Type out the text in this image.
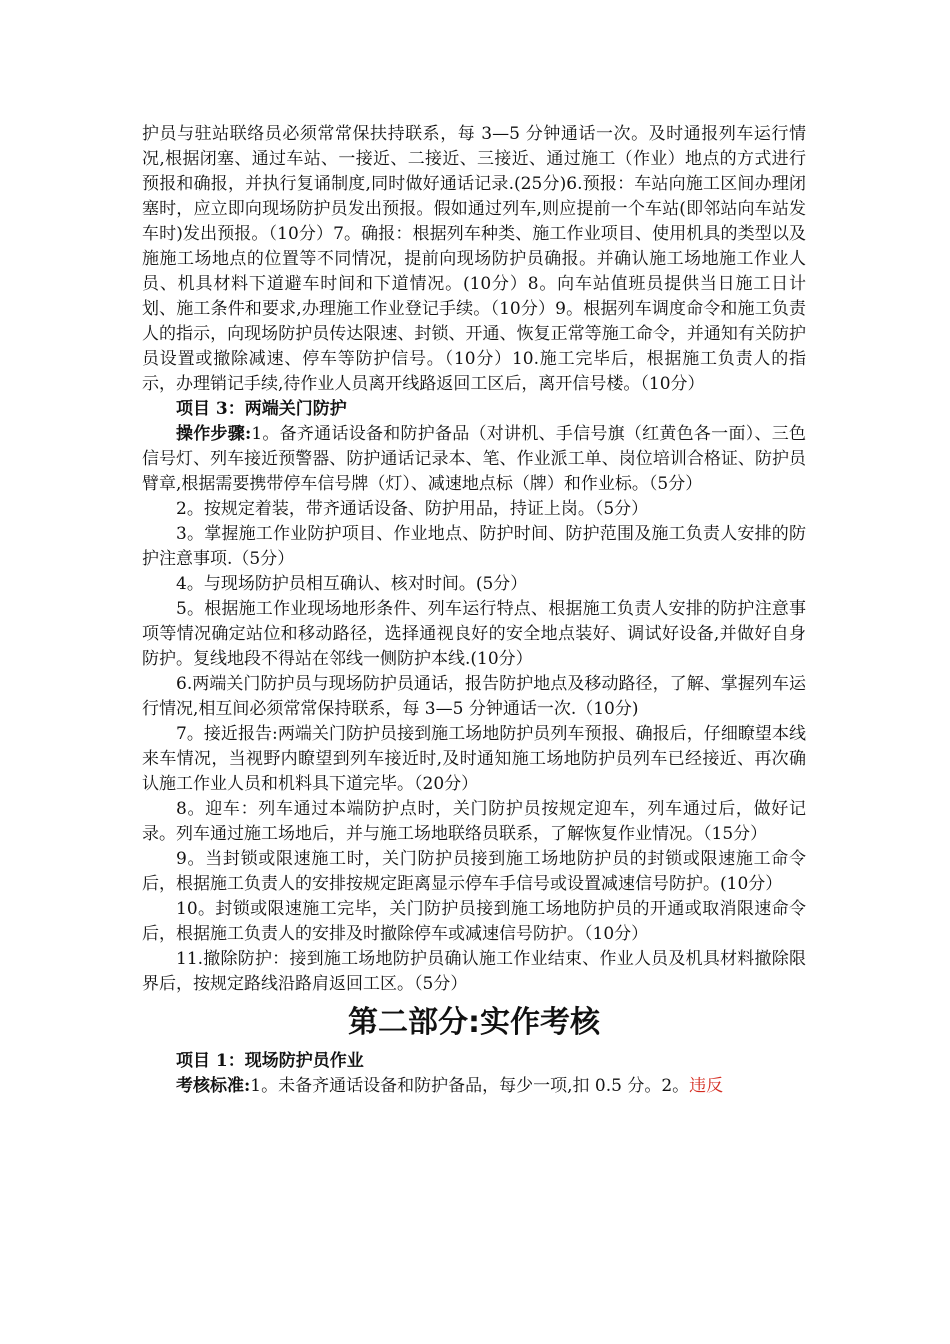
护员与驻站联络员必须常常保扶持联系，每 3—5 分钟通话一次。及时通报列车运行情况,根据闭塞、通过车站、一接近、二接近、三接近、通过施工（作业）地点的方式进行预报和确报，并执行复诵制度,同时做好通话记录.(25分)6.预报：车站向施工区间办理闭塞时，应立即向现场防护员发出预报。假如通过列车,则应提前一个车站(即邻站向车站发车时)发出预报。（10分）7。确报：根据列车种类、施工作业项目、使用机具的类型以及施施工场地点的位置等不同情况，提前向现场防护员确报。并确认施工场地施工作业人员、机具材料下道避车时间和下道情况。(10分）8。向车站值班员提供当日施工日计划、施工条件和要求,办理施工作业登记手续。（10分）9。根据列车调度命令和施工负责人的指示，向现场防护员传达限速、封锁、开通、恢复正常等施工命令，并通知有关防护员设置或撤除减速、停车等防护信号。（10分）10.施工完毕后，根据施工负责人的指示，办理销记手续,待作业人员离开线路返回工区后，离开信号楼。（10分）

项目 3：两端关门防护

操作步骤:1。备齐通话设备和防护备品（对讲机、手信号旗（红黄色各一面）、三色信号灯、列车接近预警器、防护通话记录本、笔、作业派工单、岗位培训合格证、防护员臂章,根据需要携带停车信号牌（灯）、减速地点标（牌）和作业标。（5分）

2。按规定着装，带齐通话设备、防护用品，持证上岗。（5分）

3。掌握施工作业防护项目、作业地点、防护时间、防护范围及施工负责人安排的防护注意事项.（5分）

4。与现场防护员相互确认、核对时间。(5分）

5。根据施工作业现场地形条件、列车运行特点、根据施工负责人安排的防护注意事项等情况确定站位和移动路径，选择通视良好的安全地点装好、调试好设备,并做好自身防护。复线地段不得站在邻线一侧防护本线.(10分）

6.两端关门防护员与现场防护员通话，报告防护地点及移动路径，了解、掌握列车运行情况,相互间必须常常保持联系，每 3—5 分钟通话一次.（10分)

7。接近报告:两端关门防护员接到施工场地防护员列车预报、确报后，仔细瞭望本线来车情况，当视野内瞭望到列车接近时,及时通知施工场地防护员列车已经接近、再次确认施工作业人员和机料具下道完毕。（20分）

8。迎车：列车通过本端防护点时，关门防护员按规定迎车，列车通过后，做好记录。列车通过施工场地后，并与施工场地联络员联系，了解恢复作业情况。（15分）

9。当封锁或限速施工时，关门防护员接到施工场地防护员的封锁或限速施工命令后，根据施工负责人的安排按规定距离显示停车手信号或设置减速信号防护。(10分）

10。封锁或限速施工完毕，关门防护员接到施工场地防护员的开通或取消限速命令后，根据施工负责人的安排及时撤除停车或减速信号防护。（10分）

11.撤除防护：接到施工场地防护员确认施工作业结束、作业人员及机具材料撤除限界后，按规定路线沿路肩返回工区。（5分）

第二部分:实作考核

项目 1：现场防护员作业

考核标准:1。未备齐通话设备和防护备品，每少一项,扣 0.5 分。2。违反
